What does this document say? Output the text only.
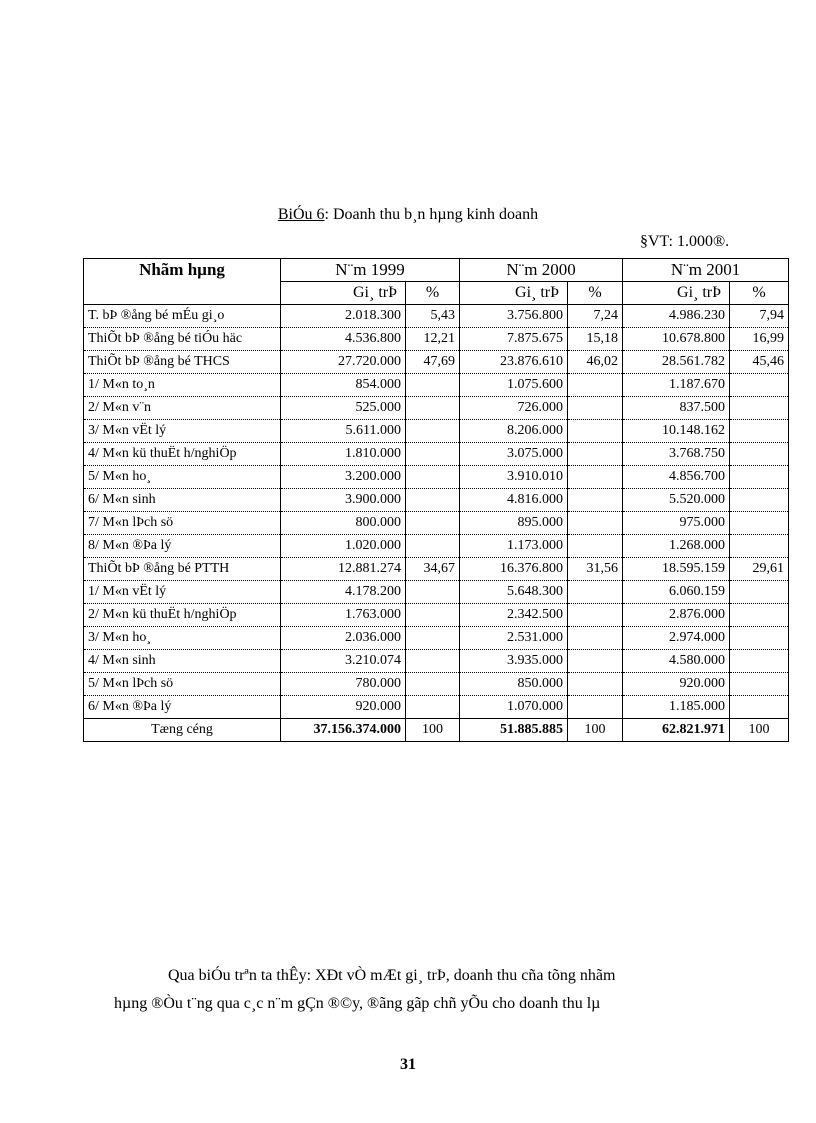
BiÓu 6: Doanh thu b¸n hµng kinh doanh
§VT: 1.000®.
Nhãm hµng	N¨m 1999		N¨m 2000		N¨m 2001	
	Gi¸ trÞ	%	Gi¸ trÞ	%	Gi¸ trÞ	%
T. bÞ ®ång bé mÉu gi¸o	2.018.300	5,43	3.756.800	7,24	4.986.230	7,94
ThiÕt bÞ ®ång bé tiÓu häc	4.536.800	12,21	7.875.675	15,18	10.678.800	16,99
ThiÕt bÞ ®ång bé THCS	27.720.000	47,69	23.876.610	46,02	28.561.782	45,46
1/ M«n to¸n	854.000		1.075.600		1.187.670	
2/ M«n v¨n	525.000		726.000		837.500	
3/ M«n vËt lý	5.611.000		8.206.000		10.148.162	
4/ M«n kü thuËt h/nghiÖp	1.810.000		3.075.000		3.768.750	
5/ M«n ho¸	3.200.000		3.910.010		4.856.700	
6/ M«n sinh	3.900.000		4.816.000		5.520.000	
7/ M«n lÞch sö	800.000		895.000		975.000	
8/ M«n ®Þa lý	1.020.000		1.173.000		1.268.000	
ThiÕt bÞ ®ång bé PTTH	12.881.274	34,67	16.376.800	31,56	18.595.159	29,61
1/ M«n vËt lý	4.178.200		5.648.300		6.060.159	
2/ M«n kü thuËt h/nghiÖp	1.763.000		2.342.500		2.876.000	
3/ M«n ho¸	2.036.000		2.531.000		2.974.000	
4/ M«n sinh	3.210.074		3.935.000		4.580.000	
5/ M«n lÞch sö	780.000		850.000		920.000	
6/ M«n ®Þa lý	920.000		1.070.000		1.185.000	
Tæng céng	37.156.374.000	100	51.885.885	100	62.821.971	100
Qua biÓu trªn ta thÊy: XÐt vÒ mÆt gi¸ trÞ, doanh thu cña tõng nhãm
hµng ®Òu t¨ng qua c¸c n¨m gÇn ®©y, ®ãng gãp chñ yÕu cho doanh thu lµ
31
